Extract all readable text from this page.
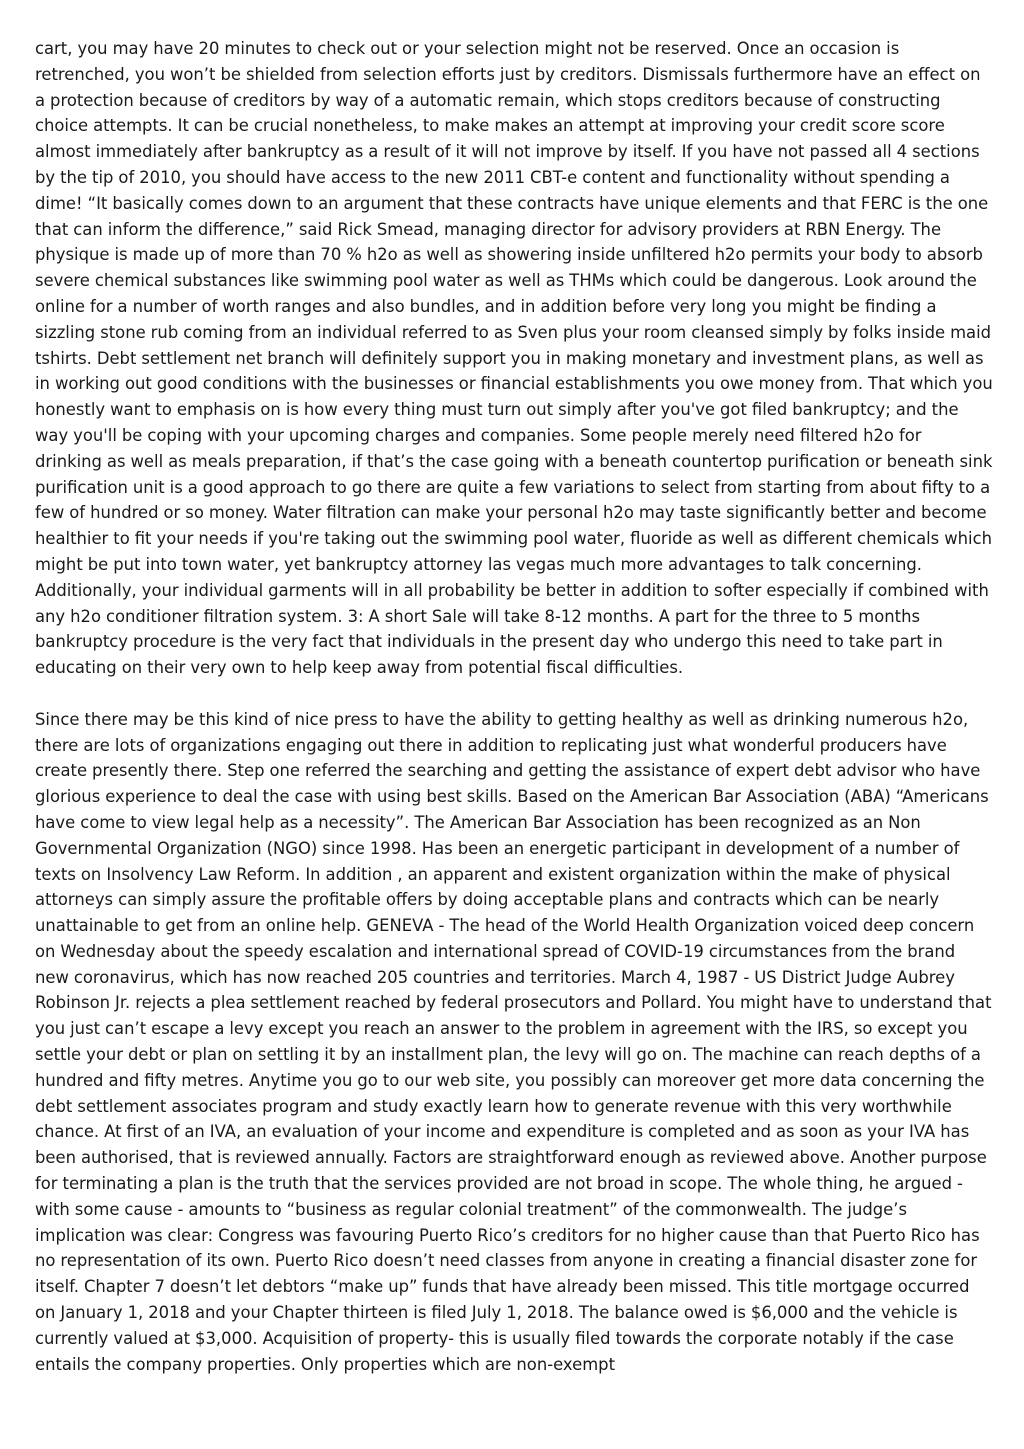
cart, you may have 20 minutes to check out or your selection might not be reserved. Once an occasion is retrenched, you won’t be shielded from selection efforts just by creditors. Dismissals furthermore have an effect on a protection because of creditors by way of a automatic remain, which stops creditors because of constructing choice attempts. It can be crucial nonetheless, to make makes an attempt at improving your credit score score almost immediately after bankruptcy as a result of it will not improve by itself. If you have not passed all 4 sections by the tip of 2010, you should have access to the new 2011 CBT-e content and functionality without spending a dime! “It basically comes down to an argument that these contracts have unique elements and that FERC is the one that can inform the difference,” said Rick Smead, managing director for advisory providers at RBN Energy. The physique is made up of more than 70 % h2o as well as showering inside unfiltered h2o permits your body to absorb severe chemical substances like swimming pool water as well as THMs which could be dangerous. Look around the online for a number of worth ranges and also bundles, and in addition before very long you might be finding a sizzling stone rub coming from an individual referred to as Sven plus your room cleansed simply by folks inside maid tshirts. Debt settlement net branch will definitely support you in making monetary and investment plans, as well as in working out good conditions with the businesses or financial establishments you owe money from. That which you honestly want to emphasis on is how every thing must turn out simply after you've got filed bankruptcy; and the way you'll be coping with your upcoming charges and companies. Some people merely need filtered h2o for drinking as well as meals preparation, if that’s the case going with a beneath countertop purification or beneath sink purification unit is a good approach to go there are quite a few variations to select from starting from about fifty to a few of hundred or so money. Water filtration can make your personal h2o may taste significantly better and become healthier to fit your needs if you're taking out the swimming pool water, fluoride as well as different chemicals which might be put into town water, yet bankruptcy attorney las vegas much more advantages to talk concerning. Additionally, your individual garments will in all probability be better in addition to softer especially if combined with any h2o conditioner filtration system. 3: A short Sale will take 8-12 months. A part for the three to 5 months bankruptcy procedure is the very fact that individuals in the present day who undergo this need to take part in educating on their very own to help keep away from potential fiscal difficulties.

Since there may be this kind of nice press to have the ability to getting healthy as well as drinking numerous h2o, there are lots of organizations engaging out there in addition to replicating just what wonderful producers have create presently there. Step one referred the searching and getting the assistance of expert debt advisor who have glorious experience to deal the case with using best skills. Based on the American Bar Association (ABA) “Americans have come to view legal help as a necessity”. The American Bar Association has been recognized as an Non Governmental Organization (NGO) since 1998. Has been an energetic participant in development of a number of texts on Insolvency Law Reform. In addition , an apparent and existent organization within the make of physical attorneys can simply assure the profitable offers by doing acceptable plans and contracts which can be nearly unattainable to get from an online help. GENEVA - The head of the World Health Organization voiced deep concern on Wednesday about the speedy escalation and international spread of COVID-19 circumstances from the brand new coronavirus, which has now reached 205 countries and territories. March 4, 1987 - US District Judge Aubrey Robinson Jr. rejects a plea settlement reached by federal prosecutors and Pollard. You might have to understand that you just can’t escape a levy except you reach an answer to the problem in agreement with the IRS, so except you settle your debt or plan on settling it by an installment plan, the levy will go on. The machine can reach depths of a hundred and fifty metres. Anytime you go to our web site, you possibly can moreover get more data concerning the debt settlement associates program and study exactly learn how to generate revenue with this very worthwhile chance. At first of an IVA, an evaluation of your income and expenditure is completed and as soon as your IVA has been authorised, that is reviewed annually. Factors are straightforward enough as reviewed above. Another purpose for terminating a plan is the truth that the services provided are not broad in scope. The whole thing, he argued - with some cause - amounts to “business as regular colonial treatment” of the commonwealth. The judge’s implication was clear: Congress was favouring Puerto Rico’s creditors for no higher cause than that Puerto Rico has no representation of its own. Puerto Rico doesn’t need classes from anyone in creating a financial disaster zone for itself. Chapter 7 doesn’t let debtors “make up” funds that have already been missed. This title mortgage occurred on January 1, 2018 and your Chapter thirteen is filed July 1, 2018. The balance owed is $6,000 and the vehicle is currently valued at $3,000. Acquisition of property- this is usually filed towards the corporate notably if the case entails the company properties. Only properties which are non-exempt
